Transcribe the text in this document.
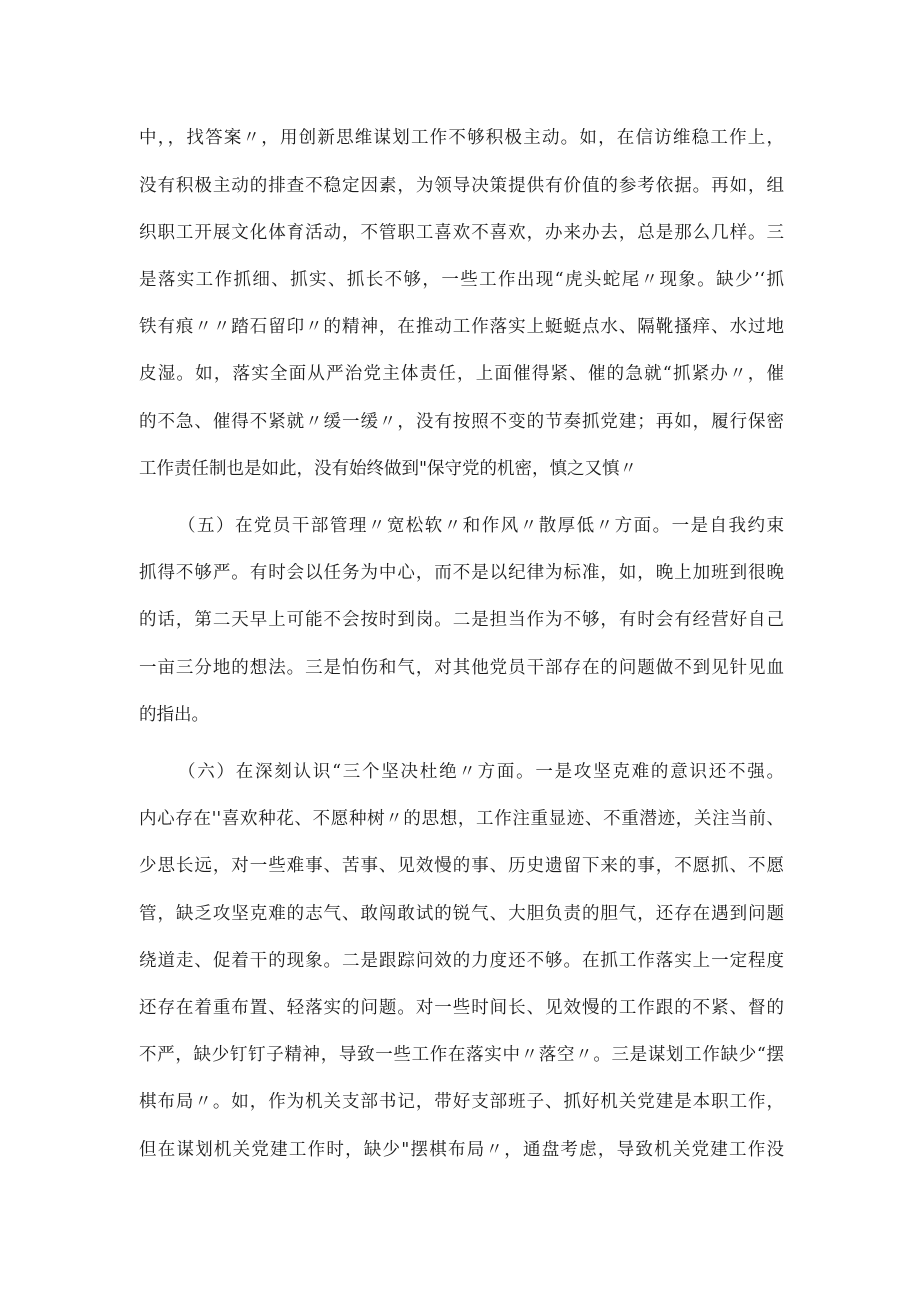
中，，找答案〃，用创新思维谋划工作不够积极主动。如，在信访维稳工作上，
没有积极主动的排查不稳定因素，为领导决策提供有价值的参考依据。再如，组
织职工开展文化体育活动，不管职工喜欢不喜欢，办来办去，总是那么几样。三
是落实工作抓细、抓实、抓长不够，一些工作出现“虎头蛇尾〃现象。缺少’‘抓
铁有痕〃〃踏石留印〃的精神，在推动工作落实上蜓蜓点水、隔靴搔痒、水过地
皮湿。如，落实全面从严治党主体责任，上面催得紧、催的急就“抓紧办〃，催
的不急、催得不紧就〃缓一缓〃，没有按照不变的节奏抓党建；再如，履行保密
工作责任制也是如此，没有始终做到"保守党的机密，慎之又慎〃
（五）在党员干部管理〃宽松软〃和作风〃散厚低〃方面。一是自我约束
抓得不够严。有时会以任务为中心，而不是以纪律为标准，如，晚上加班到很晚
的话，第二天早上可能不会按时到岗。二是担当作为不够，有时会有经营好自己
一亩三分地的想法。三是怕伤和气，对其他党员干部存在的问题做不到见针见血
的指出。
（六）在深刻认识“三个坚决杜绝〃方面。一是攻坚克难的意识还不强。
内心存在''喜欢种花、不愿种树〃的思想，工作注重显迹、不重潜迹，关注当前、
少思长远，对一些难事、苦事、见效慢的事、历史遗留下来的事，不愿抓、不愿
管，缺乏攻坚克难的志气、敢闯敢试的锐气、大胆负责的胆气，还存在遇到问题
绕道走、促着干的现象。二是跟踪问效的力度还不够。在抓工作落实上一定程度
还存在着重布置、轻落实的问题。对一些时间长、见效慢的工作跟的不紧、督的
不严，缺少钉钉子精神，导致一些工作在落实中〃落空〃。三是谋划工作缺少“摆
棋布局〃。如，作为机关支部书记，带好支部班子、抓好机关党建是本职工作，
但在谋划机关党建工作时，缺少"摆棋布局〃，通盘考虑，导致机关党建工作没
